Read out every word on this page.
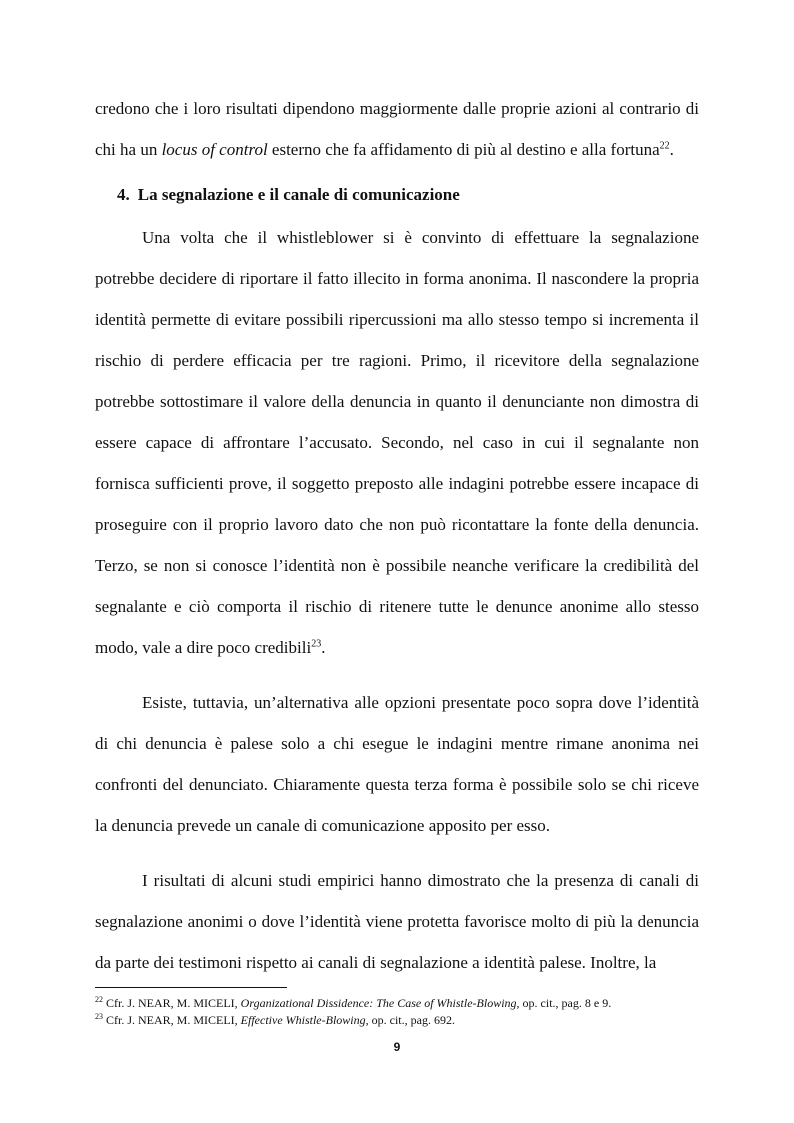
credono che i loro risultati dipendono maggiormente dalle proprie azioni al contrario di chi ha un locus of control esterno che fa affidamento di più al destino e alla fortuna$^{22}$.

4. La segnalazione e il canale di comunicazione

Una volta che il whistleblower si è convinto di effettuare la segnalazione potrebbe decidere di riportare il fatto illecito in forma anonima. Il nascondere la propria identità permette di evitare possibili ripercussioni ma allo stesso tempo si incrementa il rischio di perdere efficacia per tre ragioni. Primo, il ricevitore della segnalazione potrebbe sottostimare il valore della denuncia in quanto il denunciante non dimostra di essere capace di affrontare l’accusato. Secondo, nel caso in cui il segnalante non fornisca sufficienti prove, il soggetto preposto alle indagini potrebbe essere incapace di proseguire con il proprio lavoro dato che non può ricontattare la fonte della denuncia. Terzo, se non si conosce l’identità non è possibile neanche verificare la credibilità del segnalante e ciò comporta il rischio di ritenere tutte le denunce anonime allo stesso modo, vale a dire poco credibili$^{23}$.

Esiste, tuttavia, un’alternativa alle opzioni presentate poco sopra dove l’identità di chi denuncia è palese solo a chi esegue le indagini mentre rimane anonima nei confronti del denunciato. Chiaramente questa terza forma è possibile solo se chi riceve la denuncia prevede un canale di comunicazione apposito per esso.

I risultati di alcuni studi empirici hanno dimostrato che la presenza di canali di segnalazione anonimi o dove l’identità viene protetta favorisce molto di più la denuncia da parte dei testimoni rispetto ai canali di segnalazione a identità palese. Inoltre, la

$^{22}$ Cfr. J. NEAR, M. MICELI, Organizational Dissidence: The Case of Whistle-Blowing, op. cit., pag. 8 e 9.

$^{23}$ Cfr. J. NEAR, M. MICELI, Effective Whistle-Blowing, op. cit., pag. 692.

9
